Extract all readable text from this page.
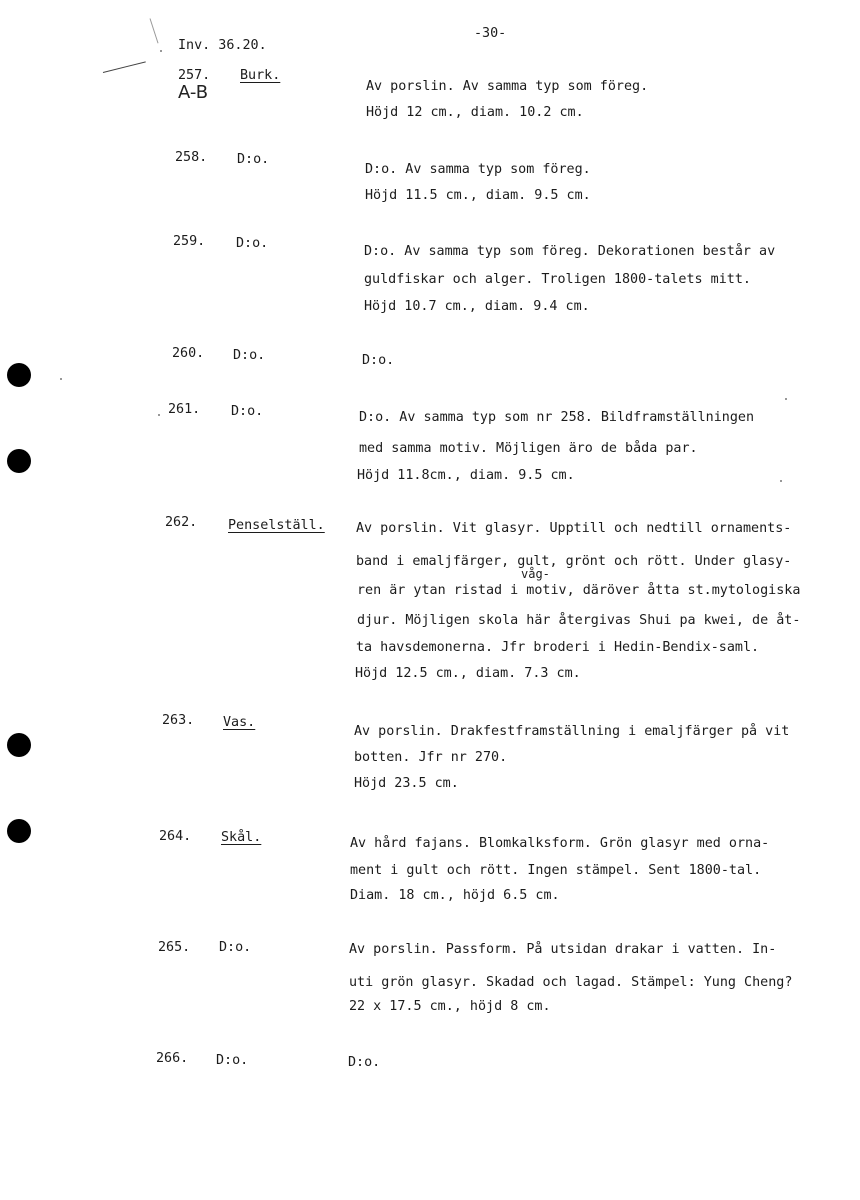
Inv. 36.20.
-30-
A-B
257. Burk.
Av porslin. Av samma typ som föreg.
Höjd 12 cm., diam. 10.2 cm.
258. D:o.
D:o. Av samma typ som föreg.
Höjd 11.5 cm., diam. 9.5 cm.
259. D:o.
D:o. Av samma typ som föreg. Dekorationen består av
guldfiskar och alger. Troligen 1800-talets mitt.
Höjd 10.7 cm., diam. 9.4 cm.
260. D:o.	D:o.
261. D:o.	D:o. Av samma typ som nr 258. Bildframställningen
med samma motiv. Möjligen äro de båda par.
Höjd 11.8cm., diam. 9.5 cm.
262. Penselställ. Av porslin. Vit glasyr. Upptill och nedtill ornaments-
band i emaljfärger, gult, grönt och rött. Under glasy-
våg-
ren är ytan ristad i motiv, däröver åtta st.mytologiska
djur. Möjligen skola här återgivas Shui pa kwei, de åt-
ta havsdemonerna. Jfr broderi i Hedin-Bendix-saml.
Höjd 12.5 cm., diam. 7.3 cm.
263. Vas.
Av porslin. Drakfestframställning i emaljfärger på vit
botten. Jfr nr 270.
Höjd 23.5 cm.
264. Skål.	Av hård fajans. Blomkalksform. Grön glasyr med orna-
ment i gult och rött. Ingen stämpel. Sent 1800-tal.
Diam. 18 cm., höjd 6.5 cm.
265. D:o.	Av porslin. Passform. På utsidan drakar i vatten. In-
uti grön glasyr. Skadad och lagad. Stämpel: Yung Cheng?
22 x 17.5 cm., höjd 8 cm.
266. D:o.	D:o.
